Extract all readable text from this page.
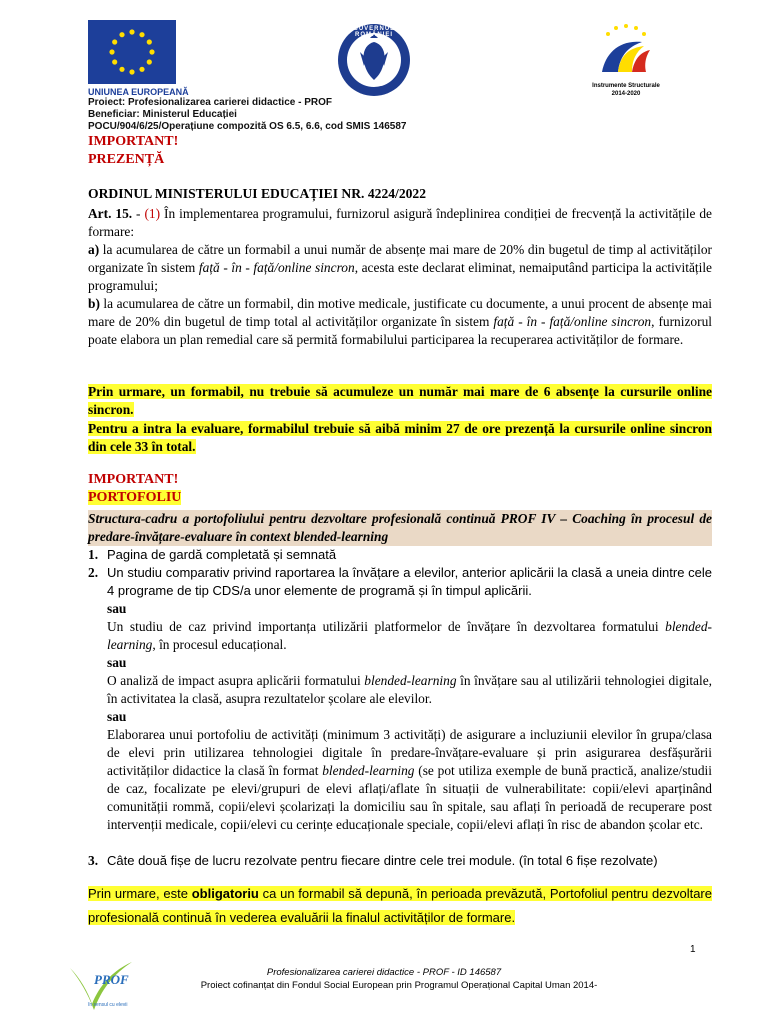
UNIUNEA EUROPEANĂ
GUVERNUL ROMÂNIEI
Instrumente Structurale
2014-2020
Proiect: Profesionalizarea carierei didactice - PROF
Beneficiar: Ministerul Educației
POCU/904/6/25/Operațiune compozită OS 6.5, 6.6, cod SMIS 146587
IMPORTANT!
PREZENȚĂ
ORDINUL MINISTERULUI EDUCAȚIEI NR. 4224/2022
Art. 15. - (1) În implementarea programului, furnizorul asigură îndeplinirea condiției de frecvență la activitățile de formare:
a) la acumularea de către un formabil a unui număr de absențe mai mare de 20% din bugetul de timp al activităților organizate în sistem față - în - față/online sincron, acesta este declarat eliminat, nemaiputând participa la activitățile programului;
b) la acumularea de către un formabil, din motive medicale, justificate cu documente, a unui procent de absențe mai mare de 20% din bugetul de timp total al activităților organizate în sistem față - în - față/online sincron, furnizorul poate elabora un plan remedial care să permită formabilului participarea la recuperarea activităților de formare.
Prin urmare, un formabil, nu trebuie să acumuleze un număr mai mare de 6 absențe la cursurile online sincron.
Pentru a intra la evaluare, formabilul trebuie să aibă minim 27 de ore prezență la cursurile online sincron din cele 33 în total.
IMPORTANT!
PORTOFOLIU
Structura-cadru a portofoliului pentru dezvoltare profesională continuă PROF IV – Coaching în procesul de predare-învățare-evaluare în context blended-learning
1. Pagina de gardă completată și semnată
2. Un studiu comparativ privind raportarea la învățare a elevilor, anterior aplicării la clasă a uneia dintre cele 4 programe de tip CDS/a unor elemente de programă și în timpul aplicării.
sau
Un studiu de caz privind importanța utilizării platformelor de învățare în dezvoltarea formatului blended-learning, în procesul educațional.
sau
O analiză de impact asupra aplicării formatului blended-learning în învățare sau al utilizării tehnologiei digitale, în activitatea la clasă, asupra rezultatelor școlare ale elevilor.
sau
Elaborarea unui portofoliu de activități (minimum 3 activități) de asigurare a incluziunii elevilor în grupa/clasa de elevi prin utilizarea tehnologiei digitale în predare-învățare-evaluare și prin asigurarea desfășurării activităților didactice la clasă în format blended-learning (se pot utiliza exemple de bună practică, analize/studii de caz, focalizate pe elevi/grupuri de elevi aflați/aflate în situații de vulnerabilitate: copii/elevi aparținând comunității rommă, copii/elevi școlarizați la domiciliu sau în spitale, sau aflați în perioadă de recuperare post intervenții medicale, copii/elevi cu cerințe educaționale speciale, copii/elevi aflați în risc de abandon școlar etc.
3. Câte două fișe de lucru rezolvate pentru fiecare dintre cele trei module. (în total 6 fișe rezolvate)
Prin urmare, este obligatoriu ca un formabil să depună, în perioada prevăzută, Portofoliul pentru dezvoltare profesională continuă în vederea evaluării la finalul activităților de formare.
1
PROF
în sensul cu elevii
Profesionalizarea carierei didactice - PROF - ID 146587
Proiect cofinanțat din Fondul Social European prin Programul Operațional Capital Uman 2014-
